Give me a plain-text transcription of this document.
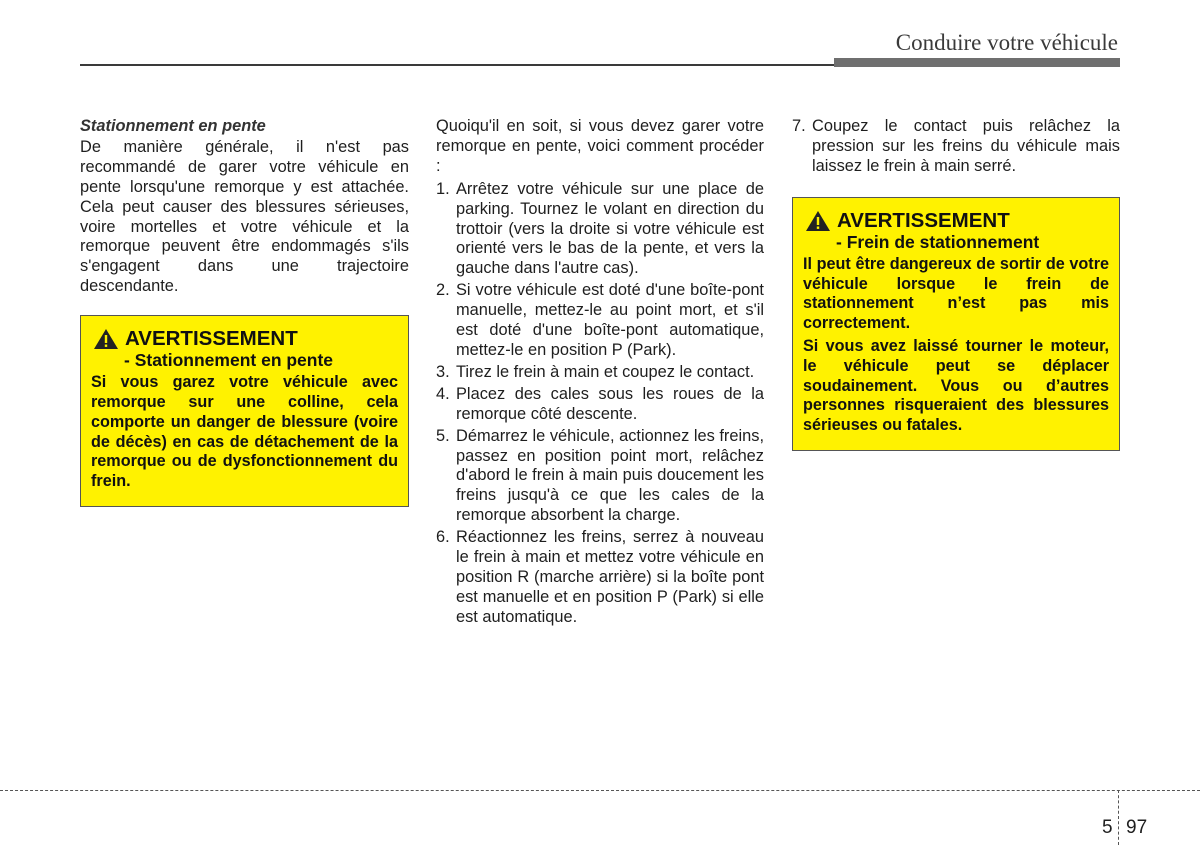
Conduire votre véhicule

Stationnement en pente

De manière générale, il n'est pas recommandé de garer votre véhicule en pente lorsqu'une remorque y est attachée. Cela peut causer des blessures sérieuses, voire mortelles et votre véhicule et la remorque peuvent être endommagés s'ils s'engagent dans une trajectoire descendante.

AVERTISSEMENT
- Stationnement en pente

Si vous garez votre véhicule avec remorque sur une colline, cela comporte un danger de blessure (voire de décès) en cas de détachement de la remorque ou de dysfonctionnement du frein.

Quoiqu'il en soit, si vous devez garer votre remorque en pente, voici comment procéder :

1. Arrêtez votre véhicule sur une place de parking. Tournez le volant en direction du trottoir (vers la droite si votre véhicule est orienté vers le bas de la pente, et vers la gauche dans l'autre cas).
2. Si votre véhicule est doté d'une boîte-pont manuelle, mettez-le au point mort, et s'il est doté d'une boîte-pont automatique, mettez-le en position P (Park).
3. Tirez le frein à main et coupez le contact.
4. Placez des cales sous les roues de la remorque côté descente.
5. Démarrez le véhicule, actionnez les freins, passez en position point mort, relâchez d'abord le frein à main puis doucement les freins jusqu'à ce que les cales de la remorque absorbent la charge.
6. Réactionnez les freins, serrez à nouveau le frein à main et mettez votre véhicule en position R (marche arrière) si la boîte pont est manuelle et en position P (Park) si elle est automatique.
7. Coupez le contact puis relâchez la pression sur les freins du véhicule mais laissez le frein à main serré.
AVERTISSEMENT
- Frein de stationnement

Il peut être dangereux de sortir de votre véhicule lorsque le frein de stationnement n’est pas mis correctement.

Si vous avez laissé tourner le moteur, le véhicule peut se déplacer soudainement. Vous ou d’autres personnes risqueraient des blessures sérieuses ou fatales.

5 97
